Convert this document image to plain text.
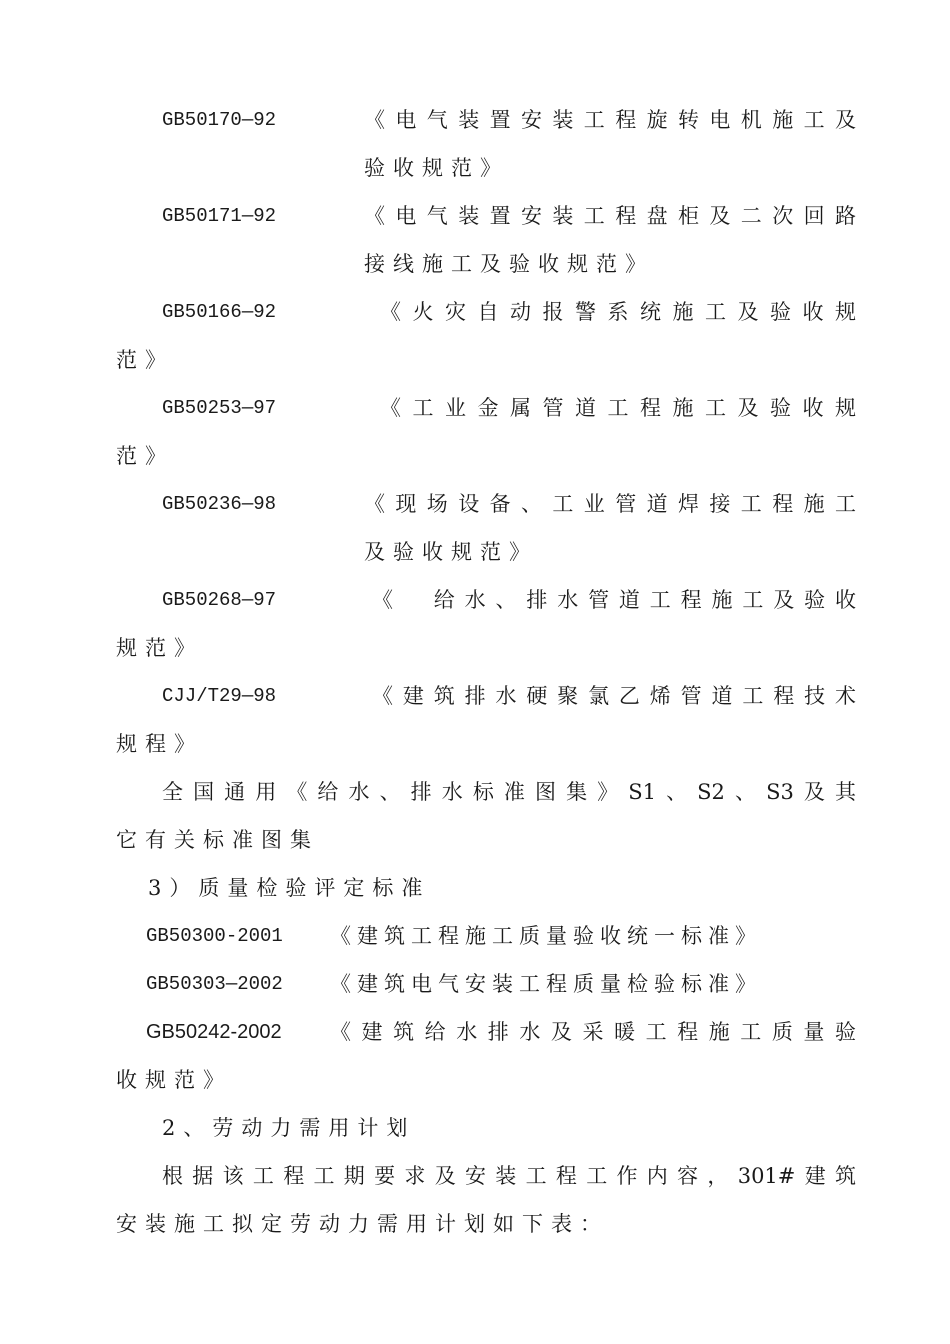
GB50170—92	《电气装置安装工程旋转电机施工及
验收规范》
GB50171—92	《电气装置安装工程盘柜及二次回路
接线施工及验收规范》
GB50166—92	《火灾自动报警系统施工及验收规
范》
GB50253—97	《工业金属管道工程施工及验收规
范》
GB50236—98	《现场设备、工业管道焊接工程施工
及验收规范》
GB50268—97	《　给水、排水管道工程施工及验收
规范》
CJJ/T29—98	《建筑排水硬聚氯乙烯管道工程技术
规程》
全国通用《给水、排水标准图集》S1、S2、S3及其
它有关标准图集
3）质量检验评定标准
GB50300-2001 《建筑工程施工质量验收统一标准》
GB50303—2002 《建筑电气安装工程质量检验标准》
GB50242-2002 《建筑给水排水及采暖工程施工质量验
收规范》
2、劳动力需用计划
根据该工程工期要求及安装工程工作内容，301#建筑
安装施工拟定劳动力需用计划如下表：
